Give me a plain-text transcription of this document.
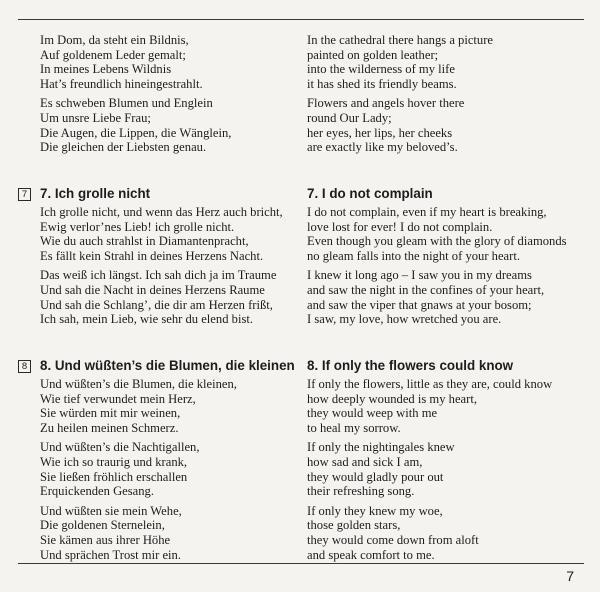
Im Dom, da steht ein Bildnis,
Auf goldenem Leder gemalt;
In meines Lebens Wildnis
Hat’s freundlich hineingestrahlt.

Es schweben Blumen und Englein
Um unsre Liebe Frau;
Die Augen, die Lippen, die Wänglein,
Die gleichen der Liebsten genau.

In the cathedral there hangs a picture
painted on golden leather;
into the wilderness of my life
it has shed its friendly beams.

Flowers and angels hover there
round Our Lady;
her eyes, her lips, her cheeks
are exactly like my beloved’s.

7 7. Ich grolle nicht

Ich grolle nicht, und wenn das Herz auch bricht,
Ewig verlor’nes Lieb! ich grolle nicht.
Wie du auch strahlst in Diamantenpracht,
Es fällt kein Strahl in deines Herzens Nacht.

Das weiß ich längst. Ich sah dich ja im Traume
Und sah die Nacht in deines Herzens Raume
Und sah die Schlang’, die dir am Herzen frißt,
Ich sah, mein Lieb, wie sehr du elend bist.

7. I do not complain

I do not complain, even if my heart is breaking,
love lost for ever! I do not complain.
Even though you gleam with the glory of diamonds
no gleam falls into the night of your heart.

I knew it long ago – I saw you in my dreams
and saw the night in the confines of your heart,
and saw the viper that gnaws at your bosom;
I saw, my love, how wretched you are.

8 8. Und wüßten’s die Blumen, die kleinen

Und wüßten’s die Blumen, die kleinen,
Wie tief verwundet mein Herz,
Sie würden mit mir weinen,
Zu heilen meinen Schmerz.

Und wüßten’s die Nachtigallen,
Wie ich so traurig und krank,
Sie ließen fröhlich erschallen
Erquickenden Gesang.

Und wüßten sie mein Wehe,
Die goldenen Sternelein,
Sie kämen aus ihrer Höhe
Und sprächen Trost mir ein.

8. If only the flowers could know

If only the flowers, little as they are, could know
how deeply wounded is my heart,
they would weep with me
to heal my sorrow.

If only the nightingales knew
how sad and sick I am,
they would gladly pour out
their refreshing song.

If only they knew my woe,
those golden stars,
they would come down from aloft
and speak comfort to me.

7
